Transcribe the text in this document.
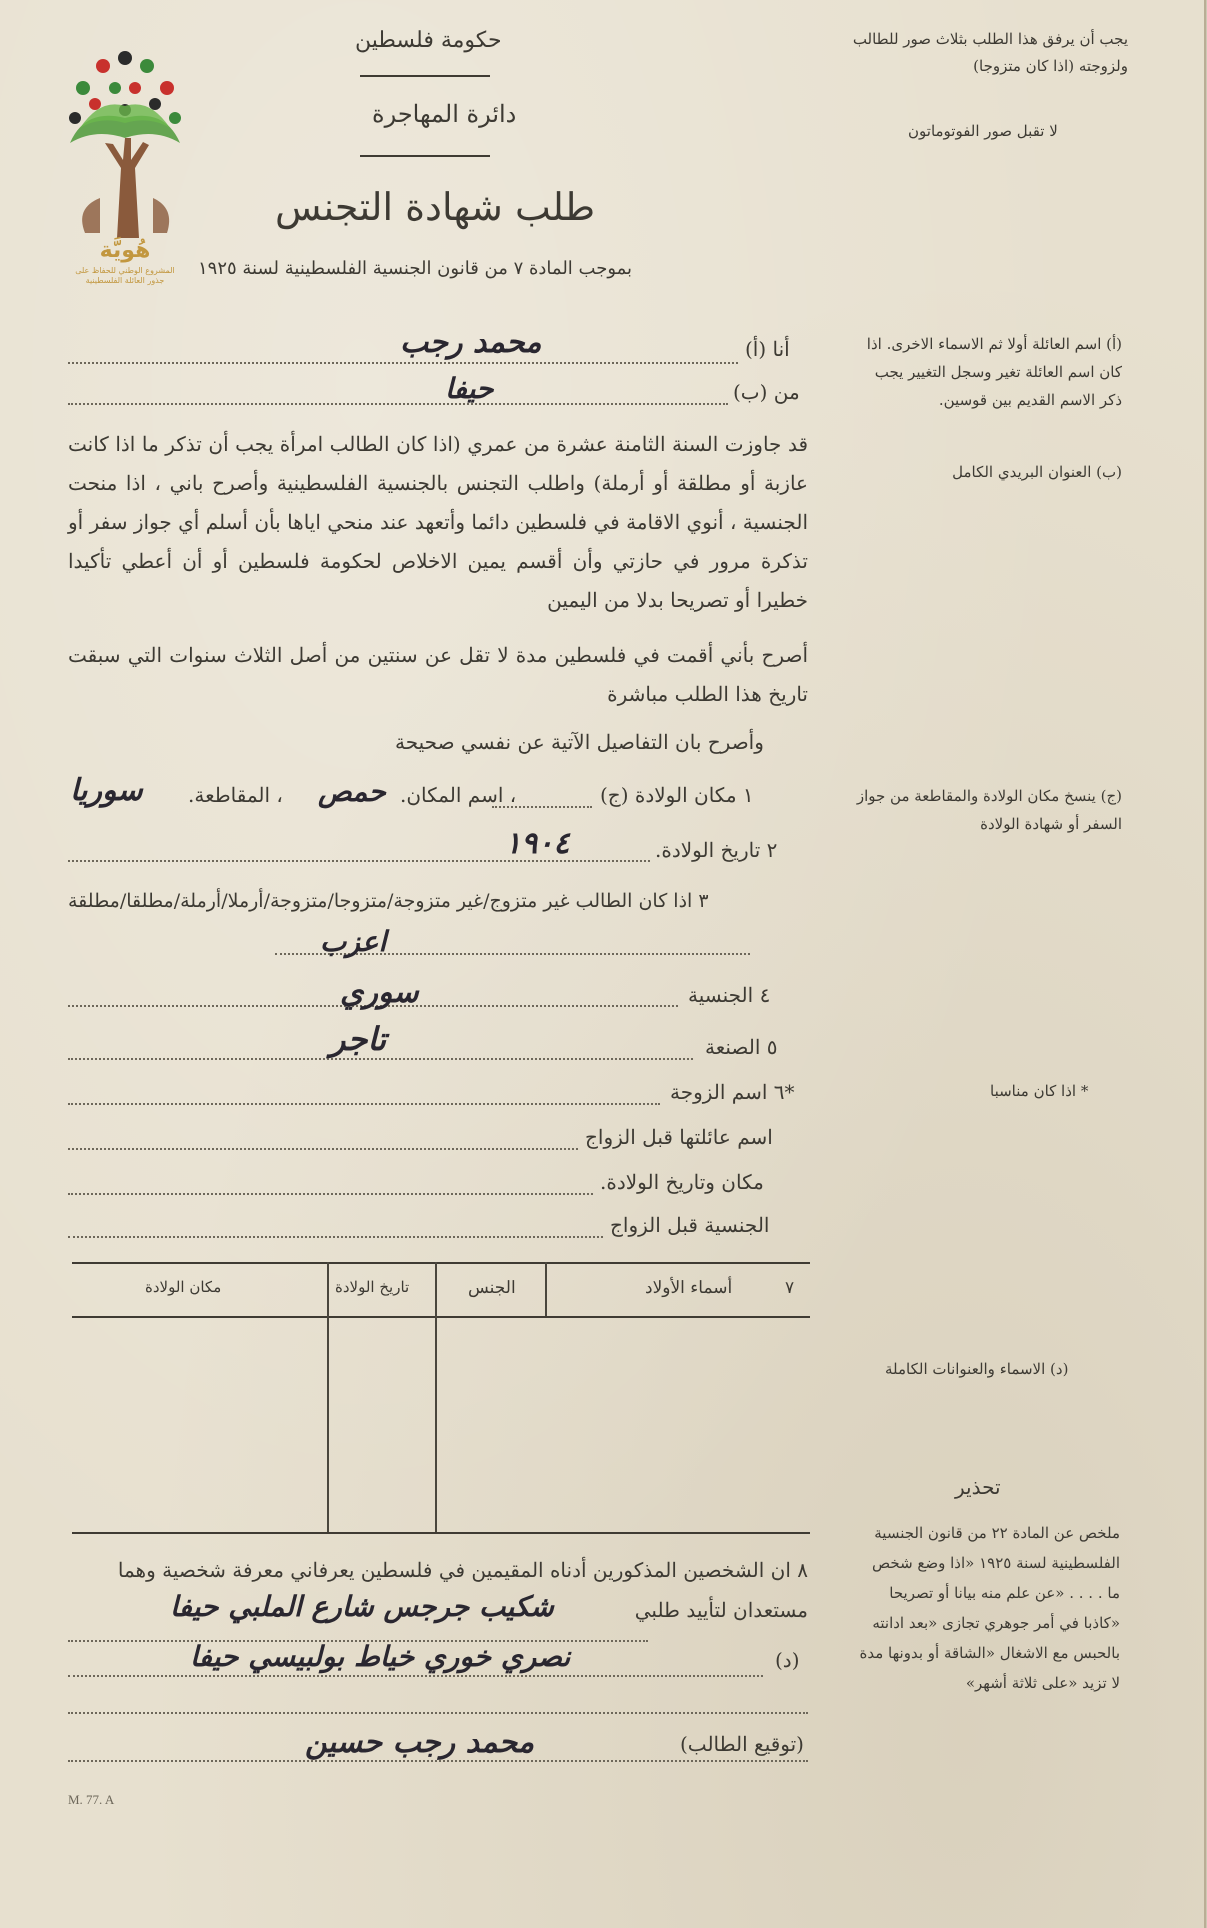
هُويَّة
المشروع الوطني للحفاظ على
جذور العائلة الفلسطينية
حكومة فلسطين
دائرة المهاجرة
طلب شهادة التجنس
بموجب المادة ٧ من قانون الجنسية الفلسطينية لسنة ١٩٢٥
يجب أن يرفق هذا الطلب بثلاث صور للطالب ولزوجته (اذا كان متزوجا)
لا تقبل صور الفوتوماتون
(أ) اسم العائلة أولا ثم الاسماء الاخرى. اذا كان اسم العائلة تغير وسجل التغيير يجب ذكر الاسم القديم بين قوسين.
(ب) العنوان البريدي الكامل
(ج) ينسخ مكان الولادة والمقاطعة من جواز السفر أو شهادة الولادة
* اذا كان مناسبا
(د) الاسماء والعنوانات الكاملة
تحذير
ملخص عن المادة ٢٢ من قانون الجنسية الفلسطينية لسنة ١٩٢٥ «اذا وضع شخص ما . . . . «عن علم منه بيانا أو تصريحا «كاذبا في أمر جوهري تجازى «بعد ادانته بالحبس مع الاشغال «الشاقة أو بدونها مدة لا تزيد «على ثلاثة أشهر»
أنا (أ)
محمد رجب
من (ب)
حيفا
قد جاوزت السنة الثامنة عشرة من عمري (اذا كان الطالب امرأة يجب أن تذكر ما اذا كانت عازبة أو مطلقة أو أرملة) واطلب التجنس بالجنسية الفلسطينية وأصرح باني ، اذا منحت الجنسية ، أنوي الاقامة في فلسطين دائما وأتعهد عند منحي اياها بأن أسلم أي جواز سفر أو تذكرة مرور في حازتي وأن أقسم يمين الاخلاص لحكومة فلسطين أو أن أعطي تأكيدا خطيرا أو تصريحا بدلا من اليمين
أصرح بأني أقمت في فلسطين مدة لا تقل عن سنتين من أصل الثلاث سنوات التي سبقت تاريخ هذا الطلب مباشرة
وأصرح بان التفاصيل الآتية عن نفسي صحيحة
١ مكان الولادة (ج)
، اسم المكان.
حمص
، المقاطعة.
سوريا
٢ تاريخ الولادة.
١٩٠٤
٣ اذا كان الطالب غير متزوج/غير متزوجة/متزوجا/متزوجة/أرملا/أرملة/مطلقا/مطلقة
اعزب
٤ الجنسية
سوري
٥ الصنعة
تاجر
*٦ اسم الزوجة
اسم عائلتها قبل الزواج
مكان وتاريخ الولادة.
الجنسية قبل الزواج
٧
أسماء الأولاد
الجنس
تاريخ الولادة
مكان الولادة
٨ ان الشخصين المذكورين أدناه المقيمين في فلسطين يعرفاني معرفة شخصية وهما مستعدان لتأييد طلبي
شكيب جرجس شارع الملبي حيفا
(د)
نصري خوري خياط بولبيسي حيفا
(توقيع الطالب)
محمد رجب حسين
M. 77. A
